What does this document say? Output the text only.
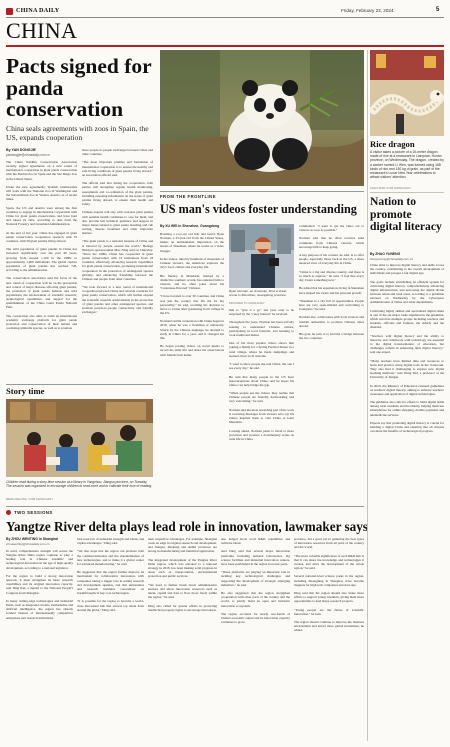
CHINA DAILY	Friday, February 23, 2024	5
CHINA
Pacts signed for panda conservation
China seals agreements with zoos in Spain, the US, expands cooperation
By YAN DONGJIE
yandongjie@chinadaily.com.cn
The China Wildlife Conservation Association recently signed agreements on a new round of international cooperation in giant panda conservation with the Madrid Zoo in Spain and the San Diego Zoo in the United States.

Under the new agreements, Spanish veterinarians will work with the National Zoo in Washington and the Schoenbrunn Zoo in Vienna, Austria, as of recent times.

Spain, the US and Austria were among the first countries to engage in international cooperation with China for giant panda conservation, and have bred and raised 19 cubs, according to data from the National Forestry and Grassland Administration.

At the end of last year, China has engaged in giant panda conservation cooperation research with 19 countries, with 58 giant pandas living abroad.

The wild population of giant pandas in China has increased significantly over the past 40 years, growing from around 1,100 in the 1980s to approximately 1,900 individuals. The global captive population of giant pandas has reached 728, according to the administration.

The conservation association said the focus of the new round of cooperation will be on the prevention and control of major diseases affecting giant pandas, the protection of giant panda habitats and wild populations, the advancement of scientific research, technological capabilities, and support for the establishment of the China Giant Panda National Park.

The cooperation also aims to build an international academic exchange platform for giant panda protection and conservation of their habitat and coexisting umbrella species, as well as to promote
more people-to-people exchanges between China and other countries.

"The most important premise and foundation of international cooperation is to ensure the healthy and safe living conditions of giant pandas living abroad," an association official said.

The official said that during the cooperation, both parties will strengthen regular health monitoring, assessments and co-ordination of the giant pandas, including releasing information on the status of giant pandas living abroad, to ensure their health and safety.

Chinese experts will stay with overseas giant pandas with suitable health conditions to care for them, and also provide full technical guidance and support in major issues related to giant panda breeding and cub rearing, disease treatment and other important matters.

"The giant panda is a national treasure of China and is beloved by people around the world," Hedega Nimiyan spokeswoman Mao Ning said on Thursday. "Since the 1990s, China has cooperated in giant panda conservation with 19 institutions from 18 countries, effectively advancing research capabilities for giant panda conservation, promoting international cooperation in the protection of endangered species globally, and enhancing friendship between the Chinese and people from other countries.

"We look forward to a new round of international cooperation between China and relevant countries for giant panda conservation, which will further expand the scientific research achievements in the protection of giant pandas and other endangered species, and promote people-to-people connectivity and friendly exchanges."
Rice dragon
A visitor takes a picture of a 10-meter dragon made of rice at a restaurant in Lianyuan, Hunan province, on Wednesday. The dragon, created by a worker named Li Wen, was formed using 168 kinds of rice and 150 kg of grain, as part of the restaurant's Lunar New Year celebrations to attract visitors' attention.
ZHAO XIAN / FOR CHINA DAILY
Story time
Children read during a story-time session at a library in Yangzhou, Jiangsu province, on Tuesday. The session was organized to encourage children to read more and to cultivate their love of reading.
MENG DELONG / FOR CHINA DAILY
FROM THE FRONTLINE
US man's videos foster understanding
By XU WEI in Shenzhen, Guangdong
Boasting a root-cut red hair and beard, Ryan Norman, a 25-year-old from the United States, makes an unmistakable impression on the streets of Shenzhen, where he works as a video blogger.

In the videos, liked by hundreds of thousands of Chinese viewers, the American explores the city's food, culture and everyday life.

His fluency in Mandarin, marked by a distinctive southern accent, has endeared him to viewers, and he often jokes about his "Cantonese-flavored" Chinese.

"I have traveled to over 30 countries, and China was just the country that fits me for my personality," he said, recalling his decision to move to China after graduating from college in the US.

Norman's initial connection with China began in 2016, when he was a freshman at university. Struck by the Chinese language, he decided to study in China for a year, and it changed his life.

He began posting videos on social media to record his daily life and share his observations with friends back home.
Ryan Norman, an American, films a street scene in Shenzhen, Guangdong province.
PROVIDED TO CHINA DAILY
him to "give it a go" last year, only to be surprised by the "crazy interest" he received.

Throughout the years, Norman has been actively seeking to understand Chinese culture, participating in local festivals, and learning to cook traditional dishes.

One of his most popular videos shows him joining a family for a Spring Festival dinner in a rural village, where he made dumplings and learned about local customs.

"I want to show people the real China, the one I see every day," he said.

He said that many people in the US have misconceptions about China, and he hopes his videos can help bridge the gap.

"When people see the videos, they realize that Chinese people are friendly, hardworking and very welcoming," he said.

Norman said the most rewarding part of his work is receiving messages from viewers who say his videos inspired them to visit China or learn Mandarin.

Looking ahead, Norman plans to travel to more provinces and produce a documentary series on rural life in China.
commented. "I want to get the video out to viewers as soon as possible."

Norman said that he often receives kind comments from Chinese viewers, which encourage him to keep going.

A key purpose of his content, he said, is to offer people, especially those back in the US, a more nuanced view of everyday life in China.

"China is a big and diverse country, and there is so much to explore," he said. "I feel like every day I learn something new."

He added that his experiences living in Shenzhen have shaped his career and his personal growth.

"Shenzhen is a city full of opportunities. People here are very open-minded and welcoming to foreigners," he said.

Norman also collaborates with local creators and tourism authorities to promote Chinese cities abroad.

His goal, he said, is to become a bridge between the two countries.
Nation to promote digital literacy
By ZHAO YUNENG
zhaoyuneng@chinadaily.com.cn
China aims to improve digital literacy and skills across the country, contributing to the overall development of individuals and prosper a fair digital age.

The goals include establishing an efficient system for cultivating digital literacy, comprehensively advancing digital infrastructure, and narrowing the digital divide between urban and rural areas, according to a guideline released on Wednesday by the Cyberspace Administration of China and other departments.

Cultivating highly skilled and specialized digital talent is one of the six major tasks stipulated in the guideline, which involves multiple groups including teachers and students, officials and farmers, the elderly and the disabled.

"Teachers with digital literacy and the ability to innovate and collaborate with technology are essential to the digital transformation of education, but challenges remain in enhancing their digital literacy," said one expert.

"Many teachers have limited time and resources to learn and practice using digital tools in the classroom. They also find it challenging to explore new digital teaching methods," said Wang Wei, a professor at the University of Jiangsu.

In 2023, the Ministry of Education released guidelines on teachers' digital literacy, aiming to enhance teachers' awareness and application of digital technologies.

The guideline also calls for efforts to build digital skills among rural residents and the elderly, helping them use smartphones for online shopping, mobile payments and telemedicine services.

Experts say that promoting digital literacy is crucial for building a digital China and ensuring that all citizens can share the benefits of technological progress.
TWO SESSIONS
Yangtze River delta plays lead role in innovation, lawmaker says
By ZHOU WENTING in Shanghai
zhouwenting@chinadaily.com.cn
In solid, comprehensive strength will secure the Yangtze River Delta region continue to play a leading role in Chinese scientific and technological innovation in the age of high-quality development, according to a national legislator.

For the region to build a strong innovation network, it must strengthen its basic research capabilities and its original innovation capacity, said Ding Kui, a deputy to the National People's Congress from Shanghai.

In many cutting-edge technologies and industrial fields, such as integrated circuits, biomedicine and artificial intelligence, the region has already formed clusters of internationally competitive enterprises and research institutions.
best reservoir of industrial strength and talent, and capital advantages," Ding said.

"We also hope that the region can promote both the commercialization and the standardization of new technologies, and to make it a global center for advanced manufacturing," he said.

He suggested that the region further improve its mechanism for collaborative innovation, with companies taking a bigger role in setting research and development agendas, and that universities and research institutes concentrate on breakthroughs in key core technologies.

"It is possible for the region to become a world-class innovation hub that attracts top talent from around the globe," Ding said.
their respective advantages. For example, Shanghai owns an edge in original research and development, and Jiangsu, Zhejiang and Anhui provinces are strong in manufacturing and industrial application.

The integrated development of the Yangtze River Delta region, which was elevated to a national strategy in 2018, has been making solid progress in areas such as transportation, environmental protection and public services.

"We need to further break down administrative barriers and allow innovation resources such as talent, capital and data to flow more freely within the region," he said.

Ding also called for greater efforts in protecting intellectual property rights to encourage innovation.
also helped boost local R&D capabilities and cultivate talent.

And Ding said that several major innovation platforms, including national laboratories, big science facilities and industrial innovation centers, have been established in the region in recent years.

"These platforms are playing an important role in tackling key technological challenges and supporting the development of strategic emerging industries," he said.

He also suggested that the region strengthen cooperation with other parts of the country and the world, to jointly build an open and inclusive innovation ecosystem.

The region accounts for nearly one-fourth of China's economic output and its innovation capacity continues to grow.
province, did a good job in gathering the best types of innovation resources from all parts of the country and the world.

"The more valuable significance of each R&D hub is that it can share the knowledge and technologies it creates, and drive the development of the whole region," he said.

Several national-level science parks in the region, including Zhangjiang in Shanghai, have become magnets for high-tech companies and start-ups.

Ding said that the region should also make more efforts to support young scientists, giving them more opportunities to lead major research projects.

"Young people are the future of scientific innovation," he said.

The region should continue to improve the business environment and attract more global investment, he added.
